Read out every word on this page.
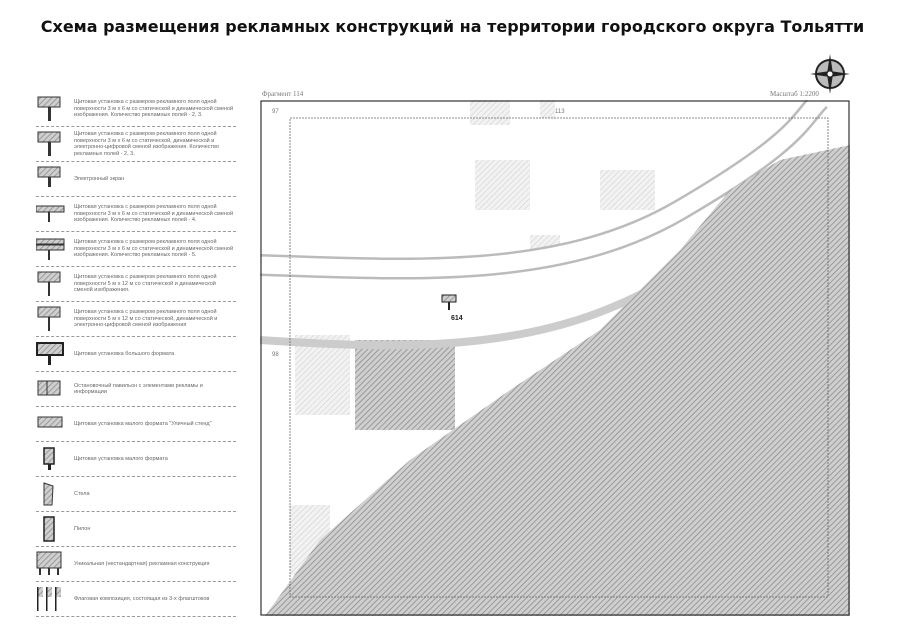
Схема размещения рекламных конструкций на территории городского округа Тольятти
Щитовая установка с размером рекламного поля одной поверхности 3 м х 6 м со статической и динамической сменой изображения. Количество рекламных полей - 2, 3.
Щитовая установка с размером рекламного поля одной поверхности 3 м х 6 м со статической, динамической и электронно-цифровой сменой изображения. Количество рекламных полей - 2, 3.
Электронный экран
Щитовая установка с размером рекламного поля одной поверхности 3 м х 6 м со статической и динамической сменой изображения. Количество рекламных полей - 4.
Щитовая установка с размером рекламного поля одной поверхности 3 м х 6 м со статической и динамической сменой изображения. Количество рекламных полей - 5.
Щитовая установка с размером рекламного поля одной поверхности 5 м х 12 м со статической и динамической сменой изображения.
Щитовая установка с размером рекламного поля одной поверхности 5 м х 12 м со статической, динамической и электронно-цифровой сменой изображения
Щитовая установка большого формата
Остановочный павильон с элементами рекламы и информации
Щитовая установка малого формата "Уличный стенд"
Щитовая установка малого формата
Стела
Пилон
Уникальная (нестандартная) рекламная конструкция
Флаговая композиция, состоящая из 3-х флагштоков
Фрагмент 114	Масштаб 1:2200
97	113
98
614
